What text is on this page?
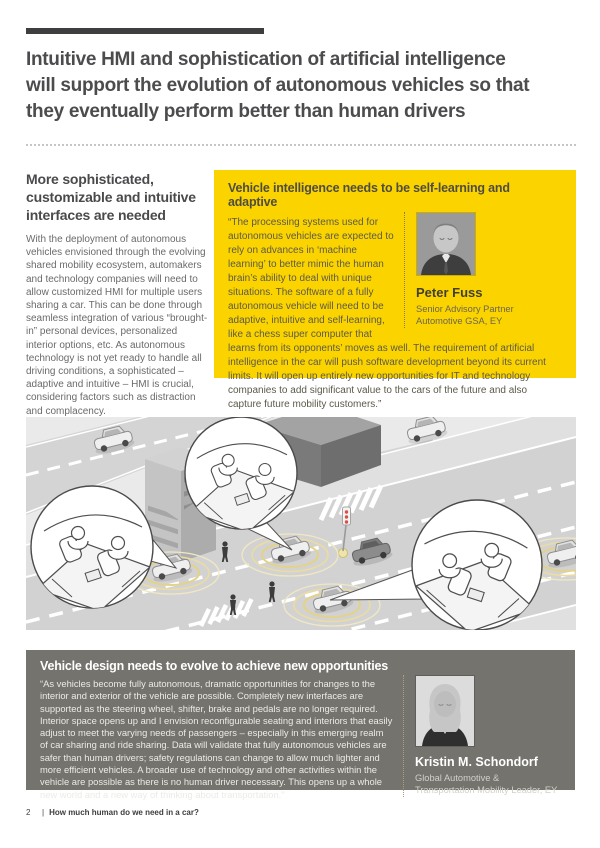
Intuitive HMI and sophistication of artificial intelligence
will support the evolution of autonomous vehicles so that
they eventually perform better than human drivers
More sophisticated, customizable and intuitive interfaces are needed
With the deployment of autonomous vehicles envisioned through the evolving shared mobility ecosystem, automakers and technology companies will need to allow customized HMI for multiple users sharing a car. This can be done through seamless integration of various “brought-in” personal devices, personalized interior options, etc. As autonomous technology is not yet ready to handle all driving conditions, a sophisticated – adaptive and intuitive – HMI is crucial, considering factors such as distraction and complacency.
Vehicle intelligence needs to be self-learning and adaptive
Peter Fuss
Senior Advisory Partner Automotive GSA, EY
“The processing systems used for autonomous vehicles are expected to rely on advances in ‘machine learning’ to better mimic the human brain’s ability to deal with unique situations. The software of a fully autonomous vehicle will need to be adaptive, intuitive and self-learning, like a chess super computer that learns from its opponents’ moves as well. The requirement of artificial intelligence in the car will push software development beyond its current limits. It will open up entirely new opportunities for IT and technology companies to add significant value to the cars of the future and also capture future mobility customers.”
Vehicle design needs to evolve to achieve new opportunities
Kristin M. Schondorf
Global Automotive & Transportation Mobility Leader, EY
“As vehicles become fully autonomous, dramatic opportunities for changes to the interior and exterior of the vehicle are possible. Completely new interfaces are supported as the steering wheel, shifter, brake and pedals are no longer required. Interior space opens up and I envision reconfigurable seating and interiors that easily adjust to meet the varying needs of passengers – especially in this emerging realm of car sharing and ride sharing. Data will validate that fully autonomous vehicles are safer than human drivers; safety regulations can change to allow much lighter and more efficient vehicles. A broader use of technology and other activities within the vehicle are possible as there is no human driver necessary. This opens up a whole new world and a new way of thinking about transportation.”
2	| How much human do we need in a car?
